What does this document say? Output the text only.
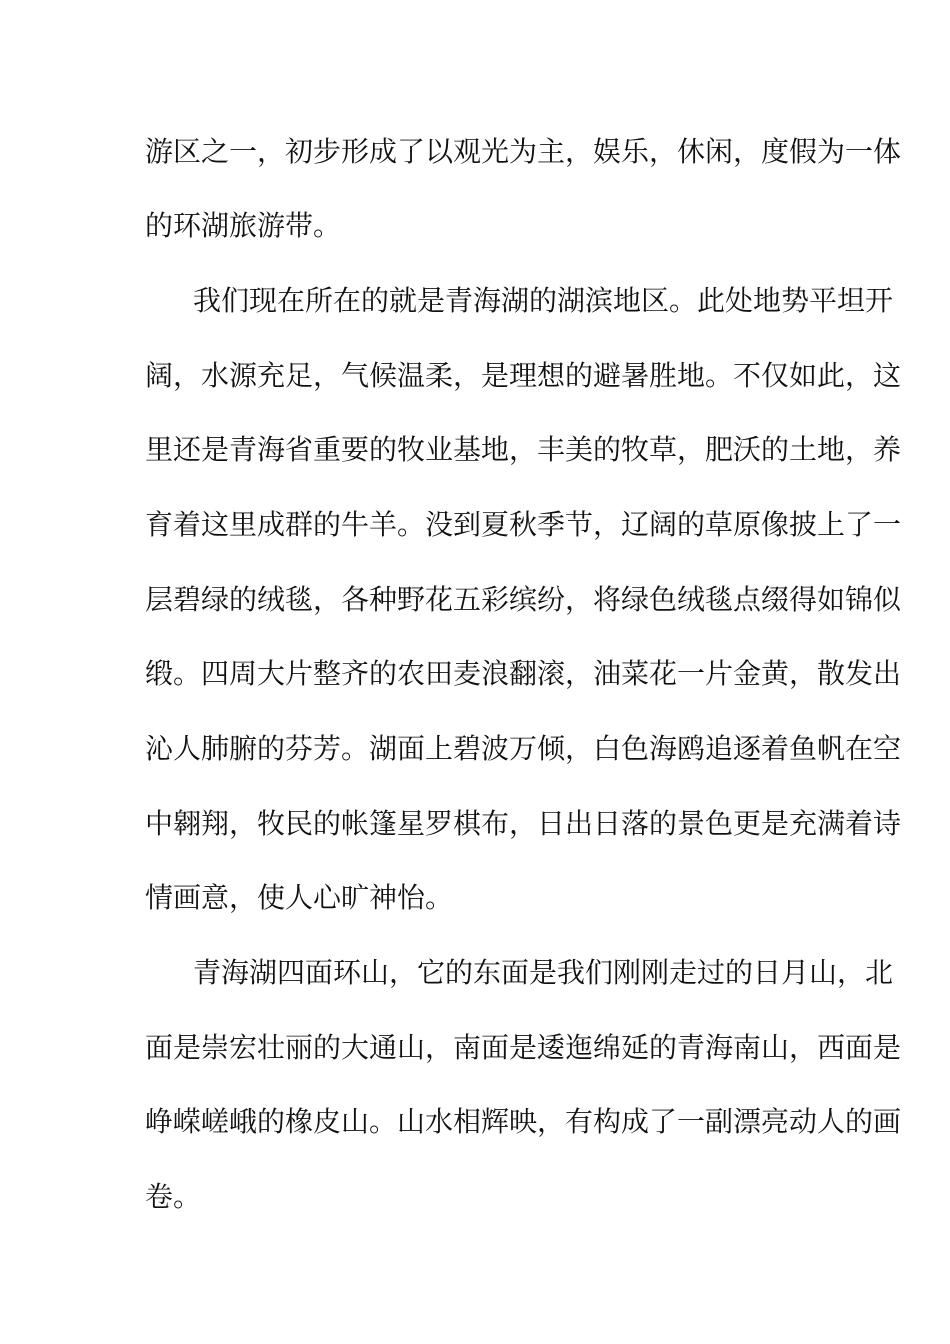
游区之一，初步形成了以观光为主，娱乐，休闲，度假为一体
的环湖旅游带。
我们现在所在的就是青海湖的湖滨地区。此处地势平坦开
阔，水源充足，气候温柔，是理想的避暑胜地。不仅如此，这
里还是青海省重要的牧业基地，丰美的牧草，肥沃的土地，养
育着这里成群的牛羊。没到夏秋季节，辽阔的草原像披上了一
层碧绿的绒毯，各种野花五彩缤纷，将绿色绒毯点缀得如锦似
缎。四周大片整齐的农田麦浪翻滚，油菜花一片金黄，散发出
沁人肺腑的芬芳。湖面上碧波万倾，白色海鸥追逐着鱼帆在空
中翱翔，牧民的帐篷星罗棋布，日出日落的景色更是充满着诗
情画意，使人心旷神怡。
青海湖四面环山，它的东面是我们刚刚走过的日月山，北
面是崇宏壮丽的大通山，南面是逶迤绵延的青海南山，西面是
峥嵘嵯峨的橡皮山。山水相辉映，有构成了一副漂亮动人的画
卷。
